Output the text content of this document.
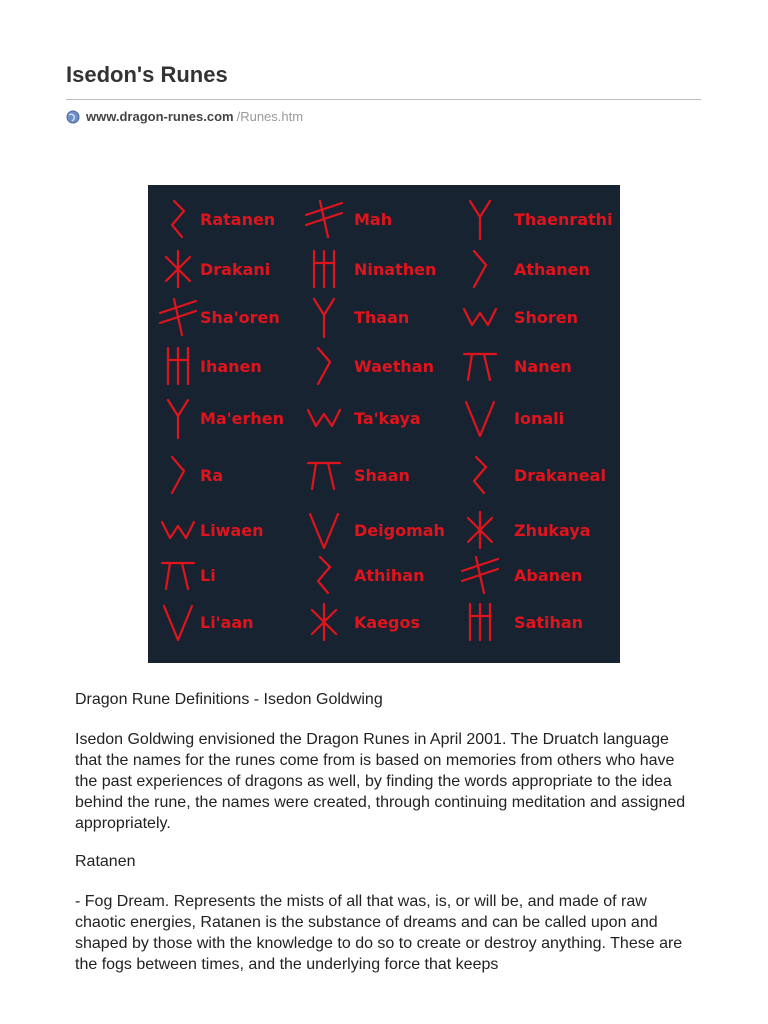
Isedon's Runes
www.dragon-runes.com /Runes.htm
Ratanen
Drakani
Sha'oren
Ihanen
Ma'erhen
Ra
Liwaen
Li
Li'aan
Mah
Ninathen
Thaan
Waethan
Ta'kaya
Shaan
Deigomah
Athihan
Kaegos
Thaenrathi
Athanen
Shoren
Nanen
Ionali
Drakaneal
Zhukaya
Abanen
Satihan

Dragon Rune Definitions - Isedon Goldwing

Isedon Goldwing envisioned the Dragon Runes in April 2001. The Druatch language that the names for the runes come from is based on memories from others who have the past experiences of dragons as well, by finding the words appropriate to the idea behind the rune, the names were created, through continuing meditation and assigned appropriately.

Ratanen

- Fog Dream. Represents the mists of all that was, is, or will be, and made of raw chaotic energies, Ratanen is the substance of dreams and can be called upon and shaped by those with the knowledge to do so to create or destroy anything. These are the fogs between times, and the underlying force that keeps
